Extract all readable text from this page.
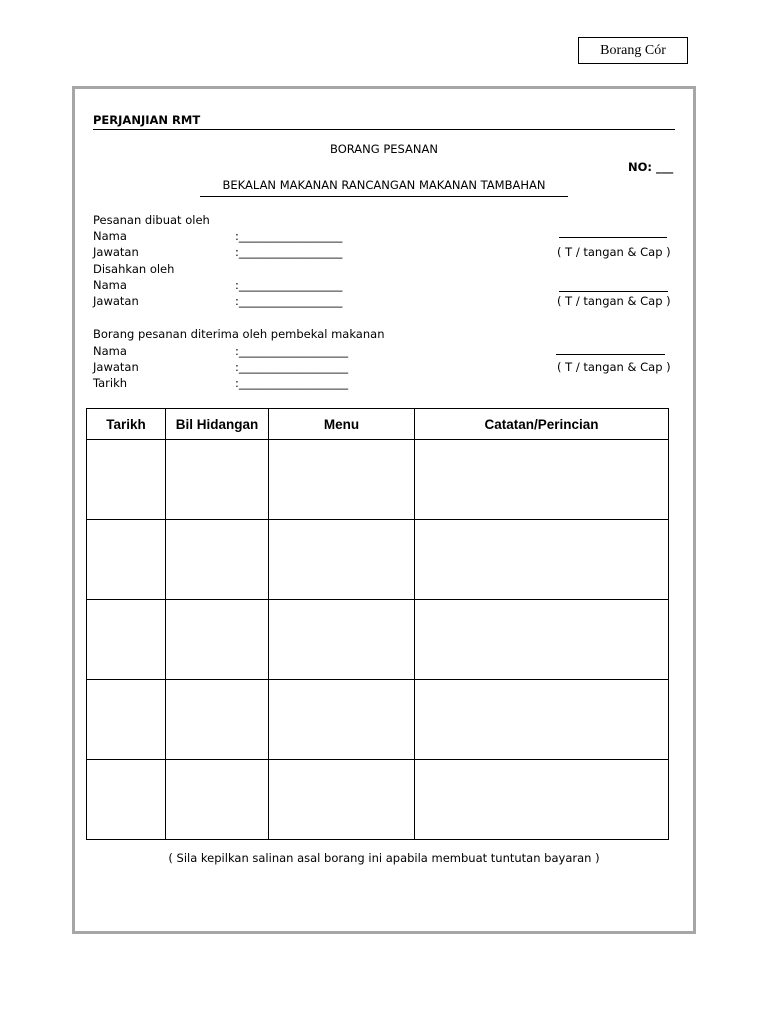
Borang Cór
PERJANJIAN RMT
BORANG PESANAN
NO: ___
BEKALAN MAKANAN RANCANGAN MAKANAN TAMBAHAN
Pesanan dibuat oleh
Nama	:__________________
Jawatan	:__________________	( T / tangan & Cap )
Disahkan oleh
Nama	:__________________
Jawatan	:__________________	( T / tangan & Cap )
Borang pesanan diterima oleh pembekal makanan
Nama	:___________________
Jawatan	:___________________
Tarikh	:___________________
( T / tangan & Cap )
Tarikh	Bil Hidangan	Menu	Catatan/Perincian

( Sila kepilkan salinan asal borang ini apabila membuat tuntutan bayaran )
